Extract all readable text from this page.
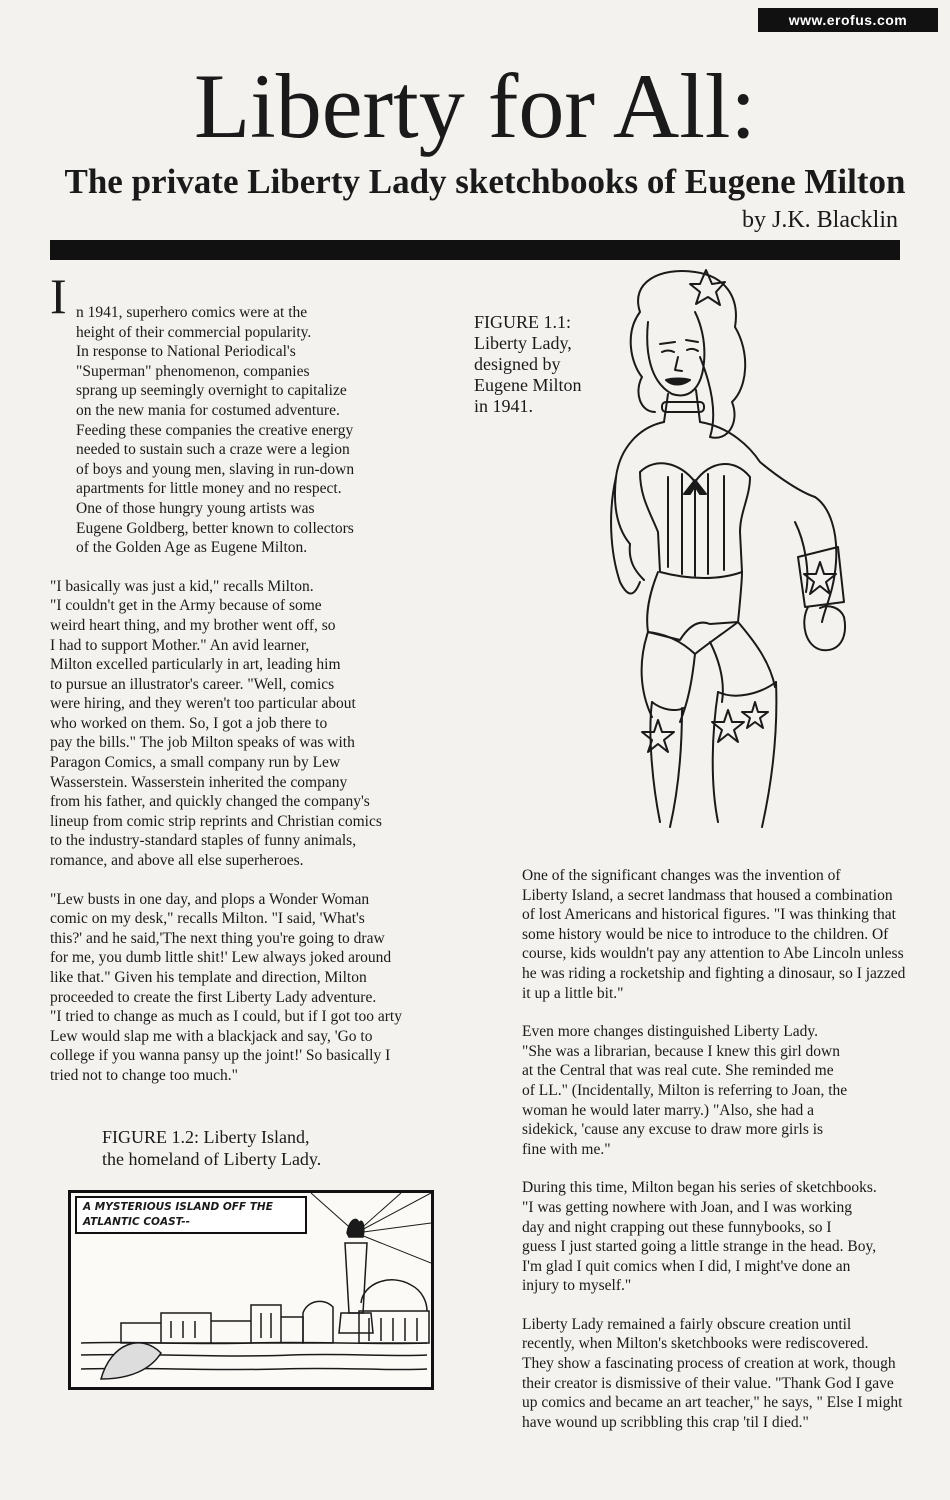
www.erofus.com
Liberty for All:
The private Liberty Lady sketchbooks of Eugene Milton
by J.K. Blacklin
I n 1941, superhero comics were at the
height of their commercial popularity.
In response to National Periodical's
"Superman" phenomenon, companies
sprang up seemingly overnight to capitalize
on the new mania for costumed adventure.
Feeding these companies the creative energy
needed to sustain such a craze were a legion
of boys and young men, slaving in run-down
apartments for little money and no respect.
One of those hungry young artists was
Eugene Goldberg, better known to collectors
of the Golden Age as Eugene Milton.

"I basically was just a kid," recalls Milton.
"I couldn't get in the Army because of some
weird heart thing, and my brother went off, so
I had to support Mother." An avid learner,
Milton excelled particularly in art, leading him
to pursue an illustrator's career. "Well, comics
were hiring, and they weren't too particular about
who worked on them. So, I got a job there to
pay the bills." The job Milton speaks of was with
Paragon Comics, a small company run by Lew
Wasserstein. Wasserstein inherited the company
from his father, and quickly changed the company's
lineup from comic strip reprints and Christian comics
to the industry-standard staples of funny animals,
romance, and above all else superheroes.

"Lew busts in one day, and plops a Wonder Woman
comic on my desk," recalls Milton. "I said, 'What's
this?' and he said,'The next thing you're going to draw
for me, you dumb little shit!' Lew always joked around
like that." Given his template and direction, Milton
proceeded to create the first Liberty Lady adventure.
"I tried to change as much as I could, but if I got too arty
Lew would slap me with a blackjack and say, 'Go to
college if you wanna pansy up the joint!' So basically I
tried not to change too much."

FIGURE 1.1:
Liberty Lady,
designed by
Eugene Milton
in 1941.

One of the significant changes was the invention of
Liberty Island, a secret landmass that housed a combination
of lost Americans and historical figures. "I was thinking that
some history would be nice to introduce to the children. Of
course, kids wouldn't pay any attention to Abe Lincoln unless
he was riding a rocketship and fighting a dinosaur, so I jazzed
it up a little bit."

Even more changes distinguished Liberty Lady.
"She was a librarian, because I knew this girl down
at the Central that was real cute. She reminded me
of LL." (Incidentally, Milton is referring to Joan, the
woman he would later marry.) "Also, she had a
sidekick, 'cause any excuse to draw more girls is
fine with me."

During this time, Milton began his series of sketchbooks.
"I was getting nowhere with Joan, and I was working
day and night crapping out these funnybooks, so I
guess I just started going a little strange in the head. Boy,
I'm glad I quit comics when I did, I might've done an
injury to myself."

Liberty Lady remained a fairly obscure creation until
recently, when Milton's sketchbooks were rediscovered.
They show a fascinating process of creation at work, though
their creator is dismissive of their value. "Thank God I gave
up comics and became an art teacher," he says, " Else I might
have wound up scribbling this crap 'til I died."

FIGURE 1.2: Liberty Island,
the homeland of Liberty Lady.
A MYSTERIOUS ISLAND OFF THE
ATLANTIC COAST--
